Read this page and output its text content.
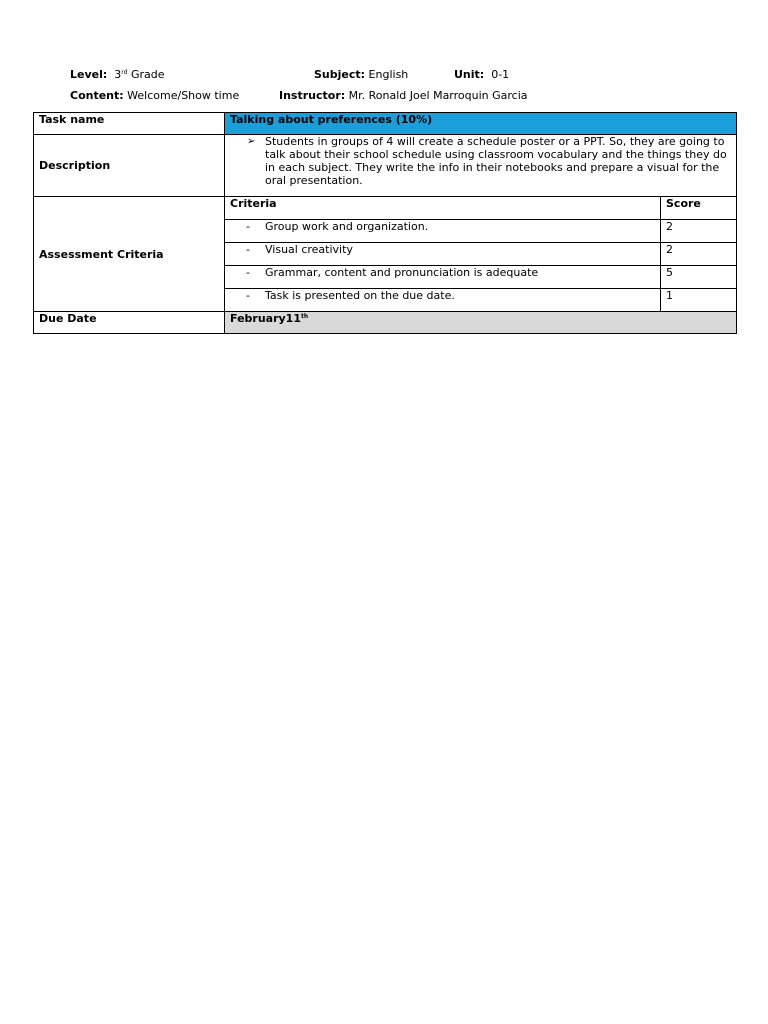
Level: 3rd Grade	Subject: English	Unit: 0-1
Content: Welcome/Show time	Instructor: Mr. Ronald Joel Marroquin Garcia
Task name	Talking about preferences (10%)	
Description	➢ Students in groups of 4 will create a schedule poster or a PPT. So, they are going to talk about their school schedule using classroom vocabulary and the things they do in each subject. They write the info in their notebooks and prepare a visual for the oral presentation.	

Assessment Criteria	Criteria	Score

	- Group work and organization.	2

	- Visual creativity	2

	- Grammar, content and pronunciation is adequate	5

	- Task is presented on the due date.	1
Due Date	February11th
